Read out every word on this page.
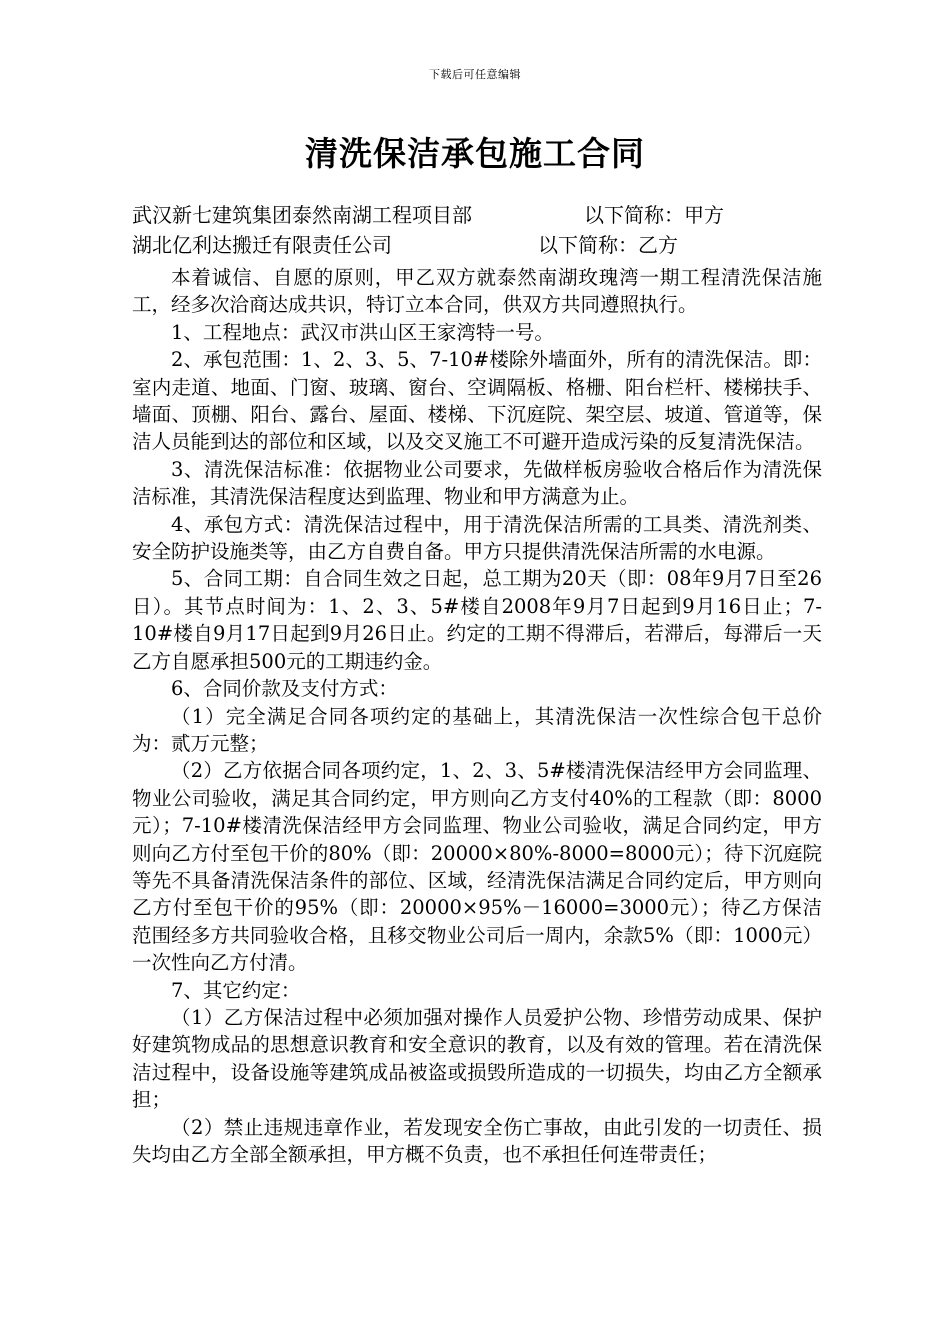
下载后可任意编辑
清洗保洁承包施工合同
武汉新七建筑集团泰然南湖工程项目部	以下简称：甲方
湖北亿利达搬迁有限责任公司	以下简称：乙方

本着诚信、自愿的原则，甲乙双方就泰然南湖玫瑰湾一期工程清洗保洁施工，经多次洽商达成共识，特订立本合同，供双方共同遵照执行。

1、工程地点：武汉市洪山区王家湾特一号。

2、承包范围：1、2、3、5、7-10#楼除外墙面外，所有的清洗保洁。即：室内走道、地面、门窗、玻璃、窗台、空调隔板、格栅、阳台栏杆、楼梯扶手、墙面、顶棚、阳台、露台、屋面、楼梯、下沉庭院、架空层、坡道、管道等，保洁人员能到达的部位和区域，以及交叉施工不可避开造成污染的反复清洗保洁。

3、清洗保洁标准：依据物业公司要求，先做样板房验收合格后作为清洗保洁标准，其清洗保洁程度达到监理、物业和甲方满意为止。

4、承包方式：清洗保洁过程中，用于清洗保洁所需的工具类、清洗剂类、安全防护设施类等，由乙方自费自备。甲方只提供清洗保洁所需的水电源。

5、合同工期：自合同生效之日起，总工期为20天（即：08年9月7日至26日）。其节点时间为：1、2、3、5#楼自2008年9月7日起到9月16日止；7-10#楼自9月17日起到9月26日止。约定的工期不得滞后，若滞后，每滞后一天乙方自愿承担500元的工期违约金。

6、合同价款及支付方式：

（1）完全满足合同各项约定的基础上，其清洗保洁一次性综合包干总价为：贰万元整；

（2）乙方依据合同各项约定，1、2、3、5#楼清洗保洁经甲方会同监理、物业公司验收，满足其合同约定，甲方则向乙方支付40%的工程款（即：8000元）；7-10#楼清洗保洁经甲方会同监理、物业公司验收，满足合同约定，甲方则向乙方付至包干价的80%（即：20000×80%-8000=8000元）；待下沉庭院等先不具备清洗保洁条件的部位、区域，经清洗保洁满足合同约定后，甲方则向乙方付至包干价的95%（即：20000×95%－16000=3000元）；待乙方保洁范围经多方共同验收合格，且移交物业公司后一周内，余款5%（即：1000元）一次性向乙方付清。

7、其它约定：

（1）乙方保洁过程中必须加强对操作人员爱护公物、珍惜劳动成果、保护好建筑物成品的思想意识教育和安全意识的教育，以及有效的管理。若在清洗保洁过程中，设备设施等建筑成品被盗或损毁所造成的一切损失，均由乙方全额承担；

（2）禁止违规违章作业，若发现安全伤亡事故，由此引发的一切责任、损失均由乙方全部全额承担，甲方概不负责，也不承担任何连带责任；
